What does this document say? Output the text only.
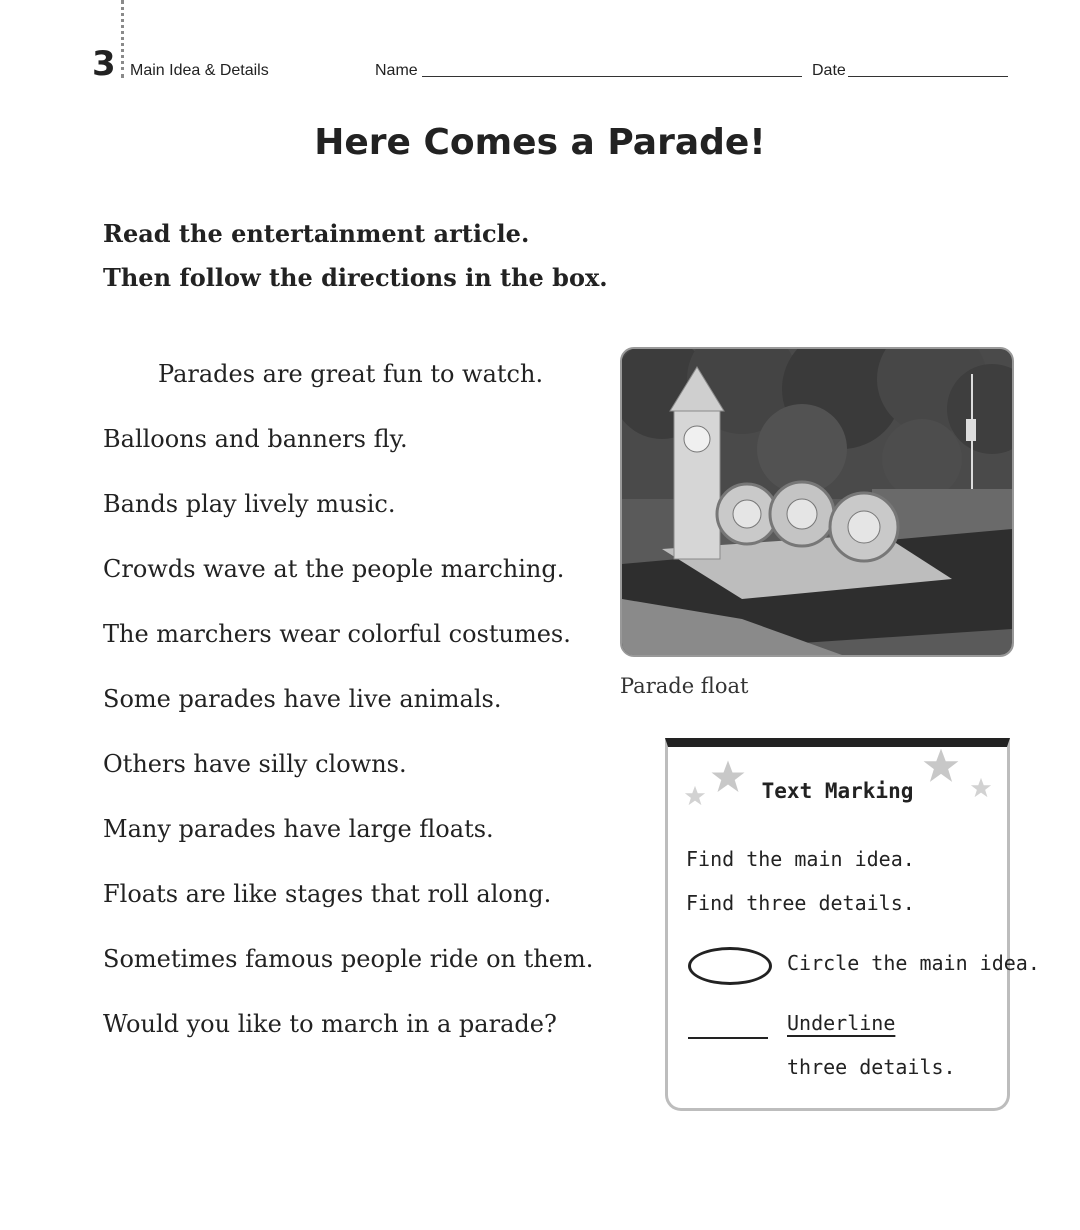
3 Main Idea & Details	Name	Date
Here Comes a Parade!
Read the entertainment article.
Then follow the directions in the box.
Parades are great fun to watch.
Balloons and banners fly.
Bands play lively music.
Crowds wave at the people marching.
The marchers wear colorful costumes.
Some parades have live animals.
Others have silly clowns.
Many parades have large floats.
Floats are like stages that roll along.
Sometimes famous people ride on them.
Would you like to march in a parade?
Parade float
Text Marking
Find the main idea.
Find three details.
Circle the main idea.
Underline
three details.
